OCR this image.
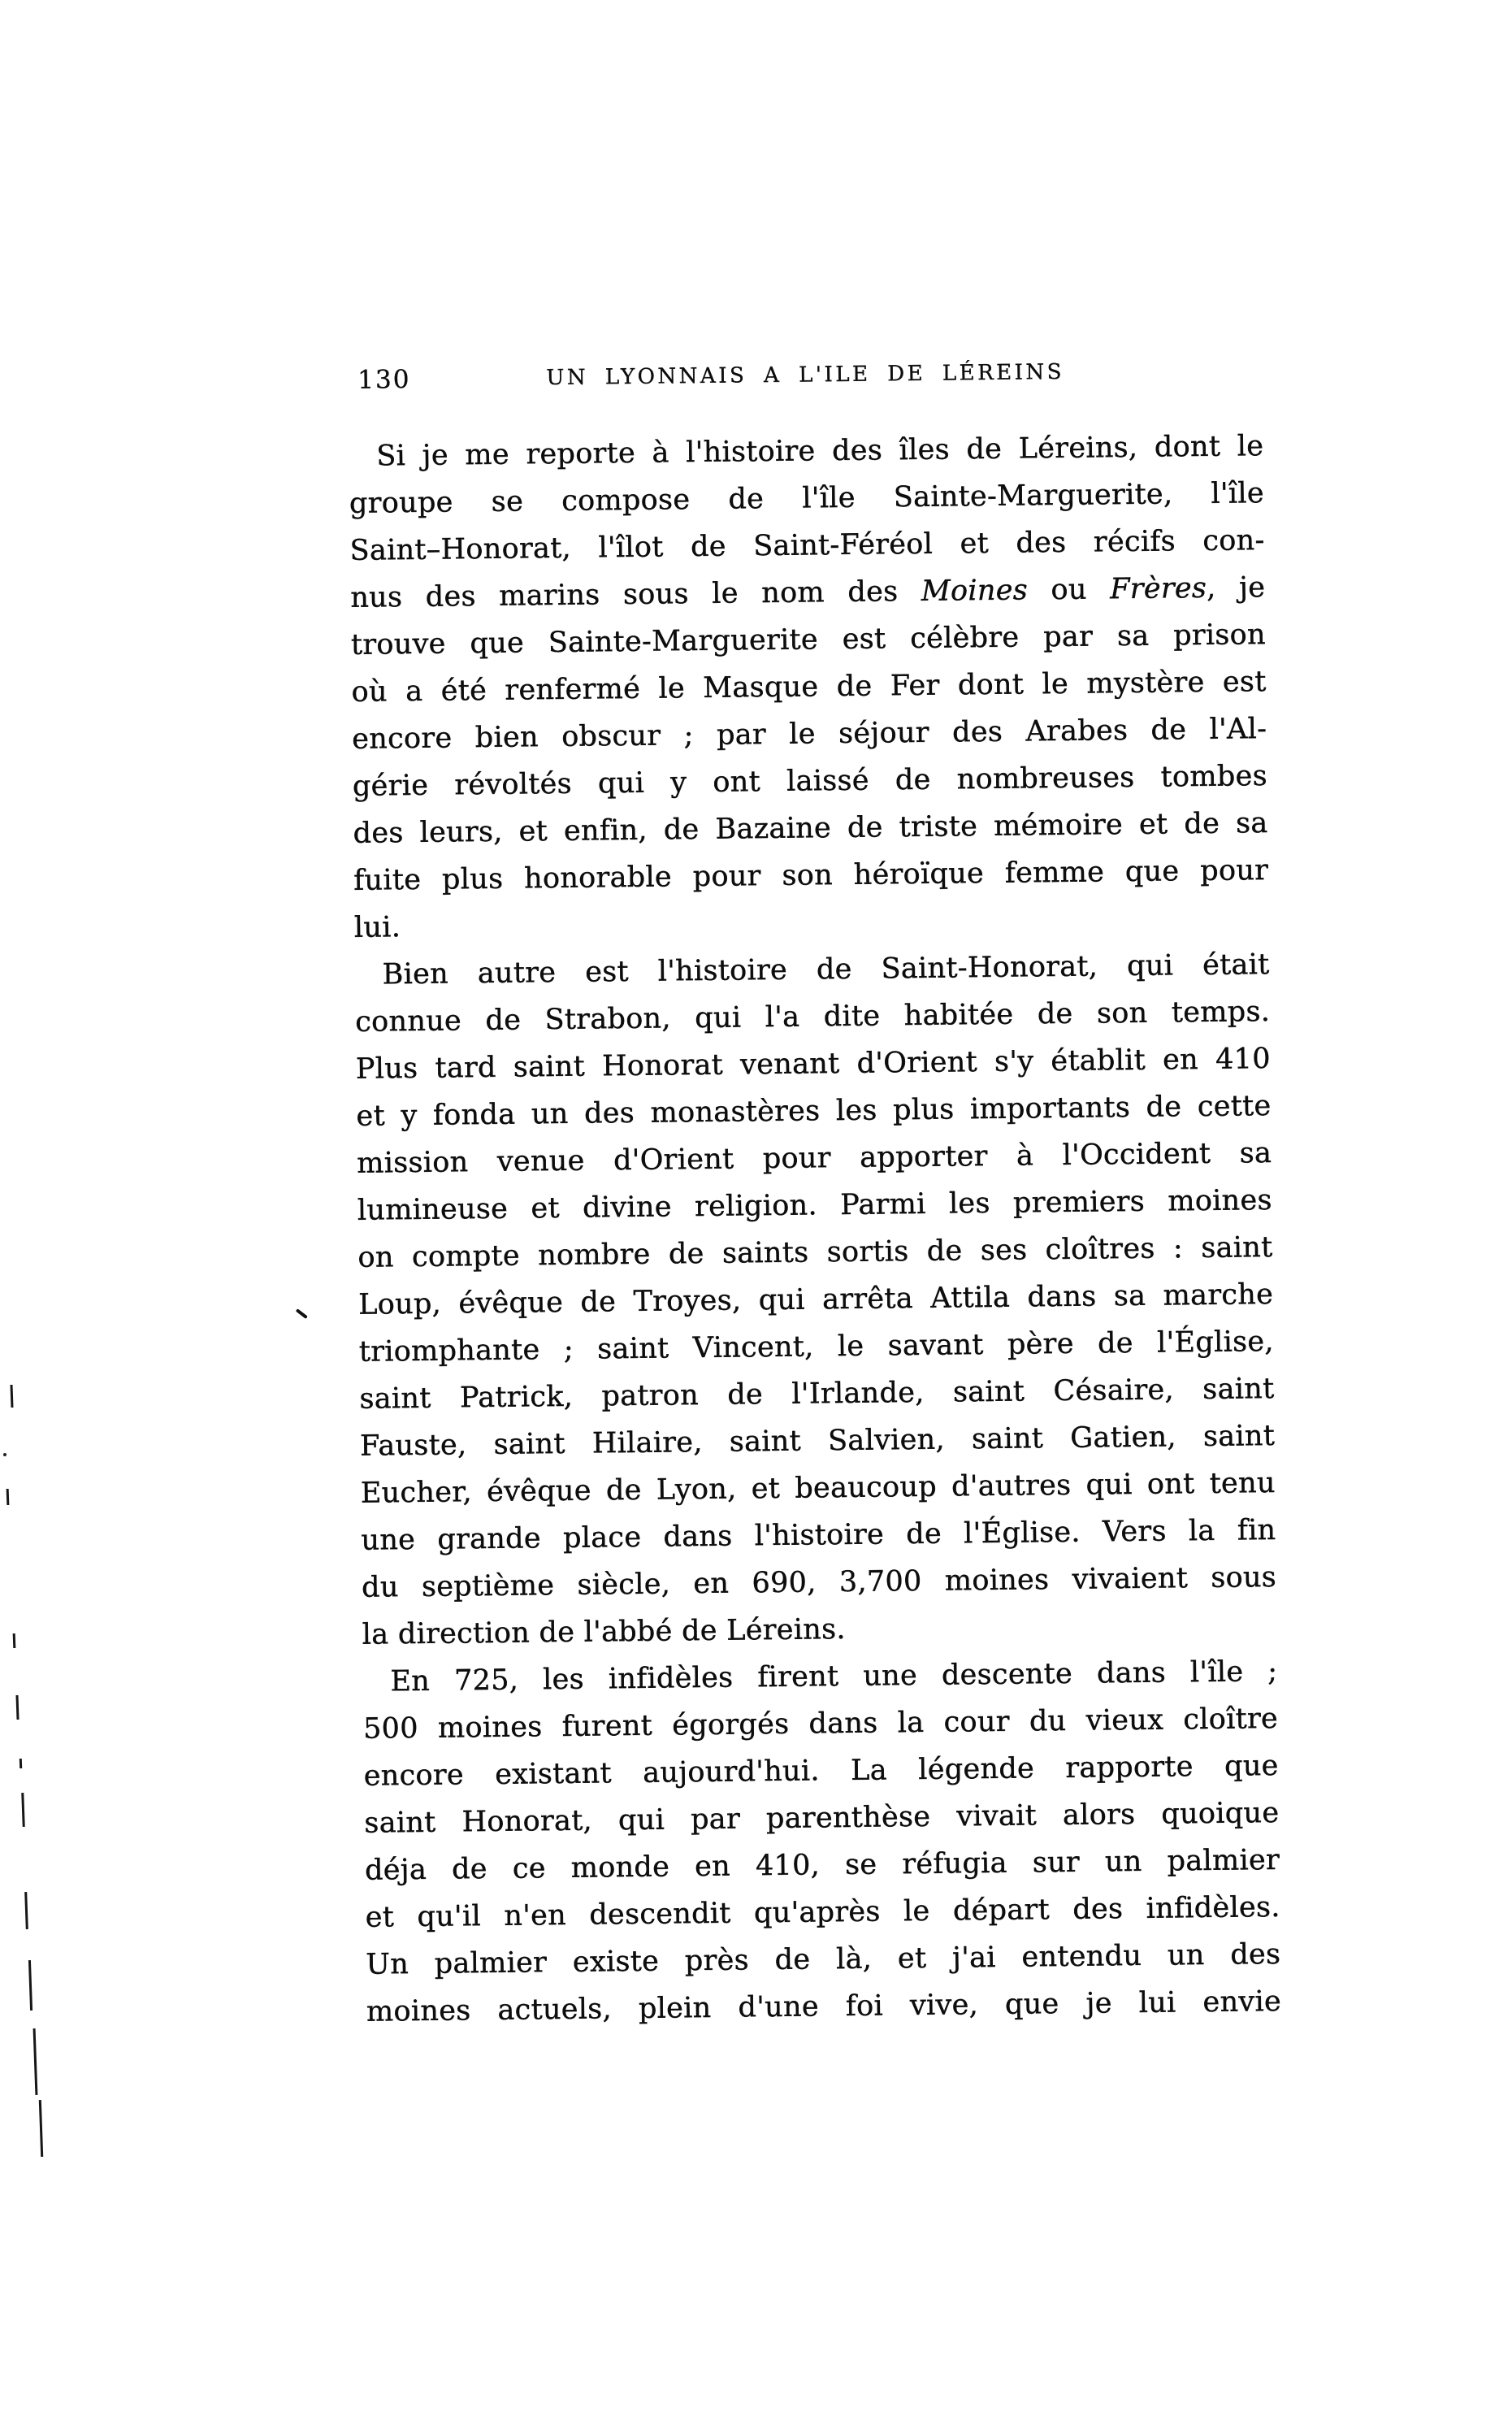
130	UN LYONNAIS A L'ILE DE LÉREINS
Si je me reporte à l'histoire des îles de Léreins, dont le
groupe se compose de l'île Sainte-Marguerite, l'île
Saint–Honorat, l'îlot de Saint-Féréol et des récifs con-
nus des marins sous le nom des Moines ou Frères, je
trouve que Sainte-Marguerite est célèbre par sa prison
où a été renfermé le Masque de Fer dont le mystère est
encore bien obscur ; par le séjour des Arabes de l'Al-
gérie révoltés qui y ont laissé de nombreuses tombes
des leurs, et enfin, de Bazaine de triste mémoire et de sa
fuite plus honorable pour son héroïque femme que pour
lui.
Bien autre est l'histoire de Saint-Honorat, qui était
connue de Strabon, qui l'a dite habitée de son temps.
Plus tard saint Honorat venant d'Orient s'y établit en 410
et y fonda un des monastères les plus importants de cette
mission venue d'Orient pour apporter à l'Occident sa
lumineuse et divine religion. Parmi les premiers moines
on compte nombre de saints sortis de ses cloîtres : saint
Loup, évêque de Troyes, qui arrêta Attila dans sa marche
triomphante ; saint Vincent, le savant père de l'Église,
saint Patrick, patron de l'Irlande, saint Césaire, saint
Fauste, saint Hilaire, saint Salvien, saint Gatien, saint
Eucher, évêque de Lyon, et beaucoup d'autres qui ont tenu
une grande place dans l'histoire de l'Église. Vers la fin
du septième siècle, en 690, 3,700 moines vivaient sous
la direction de l'abbé de Léreins.
En 725, les infidèles firent une descente dans l'île ;
500 moines furent égorgés dans la cour du vieux cloître
encore existant aujourd'hui. La légende rapporte que
saint Honorat, qui par parenthèse vivait alors quoique
déja de ce monde en 410, se réfugia sur un palmier
et qu'il n'en descendit qu'après le départ des infidèles.
Un palmier existe près de là, et j'ai entendu un des
moines actuels, plein d'une foi vive, que je lui envie
